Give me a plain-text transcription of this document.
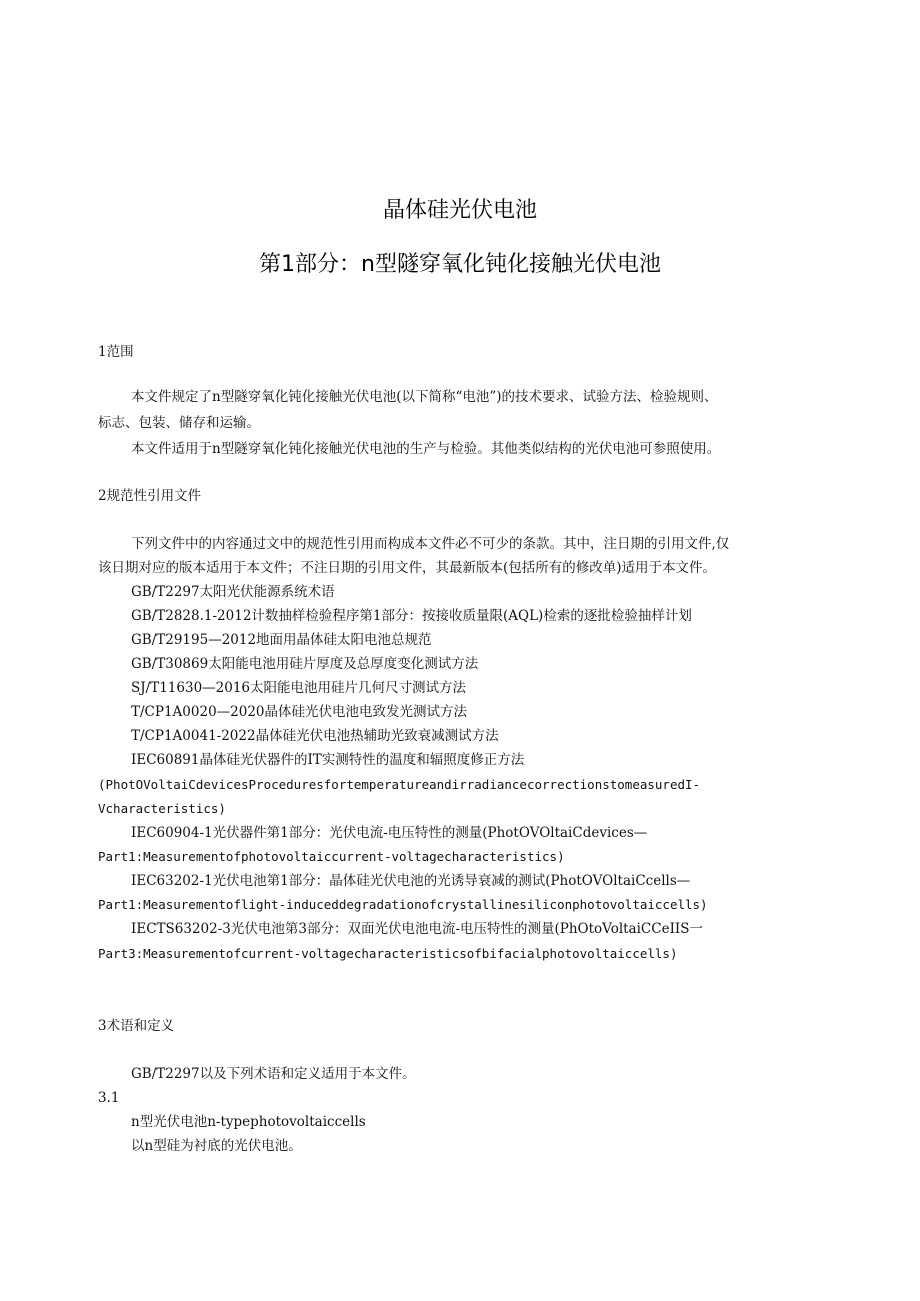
晶体硅光伏电池
第1部分：n型隧穿氧化钝化接触光伏电池
1范围
本文件规定了n型隧穿氧化钝化接触光伏电池(以下简称“电池”)的技术要求、试验方法、检验规则、
标志、包装、储存和运输。
本文件适用于n型隧穿氧化钝化接触光伏电池的生产与检验。其他类似结构的光伏电池可参照使用。
2规范性引用文件
下列文件中的内容通过文中的规范性引用而构成本文件必不可少的条款。其中，注日期的引用文件,仅
该日期对应的版本适用于本文件；不注日期的引用文件，其最新版本(包括所有的修改单)适用于本文件。
GB/T2297太阳光伏能源系统术语
GB/T2828.1-2012计数抽样检验程序第1部分：按接收质量限(AQL)检索的逐批检验抽样计划
GB/T29195—2012地面用晶体硅太阳电池总规范
GB/T30869太阳能电池用硅片厚度及总厚度变化测试方法
SJ/T11630—2016太阳能电池用硅片几何尺寸测试方法
T/CP1A0020—2020晶体硅光伏电池电致发光测试方法
T/CP1A0041-2022晶体硅光伏电池热辅助光致衰减测试方法
IEC60891晶体硅光伏器件的IT实测特性的温度和辐照度修正方法
(PhotOVoltaiCdevicesProceduresfortemperatureandirradiancecorrectionstomeasuredI-
Vcharacteristics)
IEC60904-1光伏器件第1部分：光伏电流-电压特性的测量(PhotOVOltaiCdevices—
Part1:Measurementofphotovoltaiccurrent-voltagecharacteristics)
IEC63202-1光伏电池第1部分：晶体硅光伏电池的光诱导衰减的测试(PhotOVOltaiCcells—
Part1:Measurementoflight-induceddegradationofcrystallinesiliconphotovoltaiccells)
IECTS63202-3光伏电池第3部分：双面光伏电池电流-电压特性的测量(PhOtoVoltaiCCeIIS一
Part3:Measurementofcurrent-voltagecharacteristicsofbifacialphotovoltaiccells)
3术语和定义
GB/T2297以及下列术语和定义适用于本文件。
3.1
n型光伏电池n-typephotovoltaiccells
以n型硅为衬底的光伏电池。
